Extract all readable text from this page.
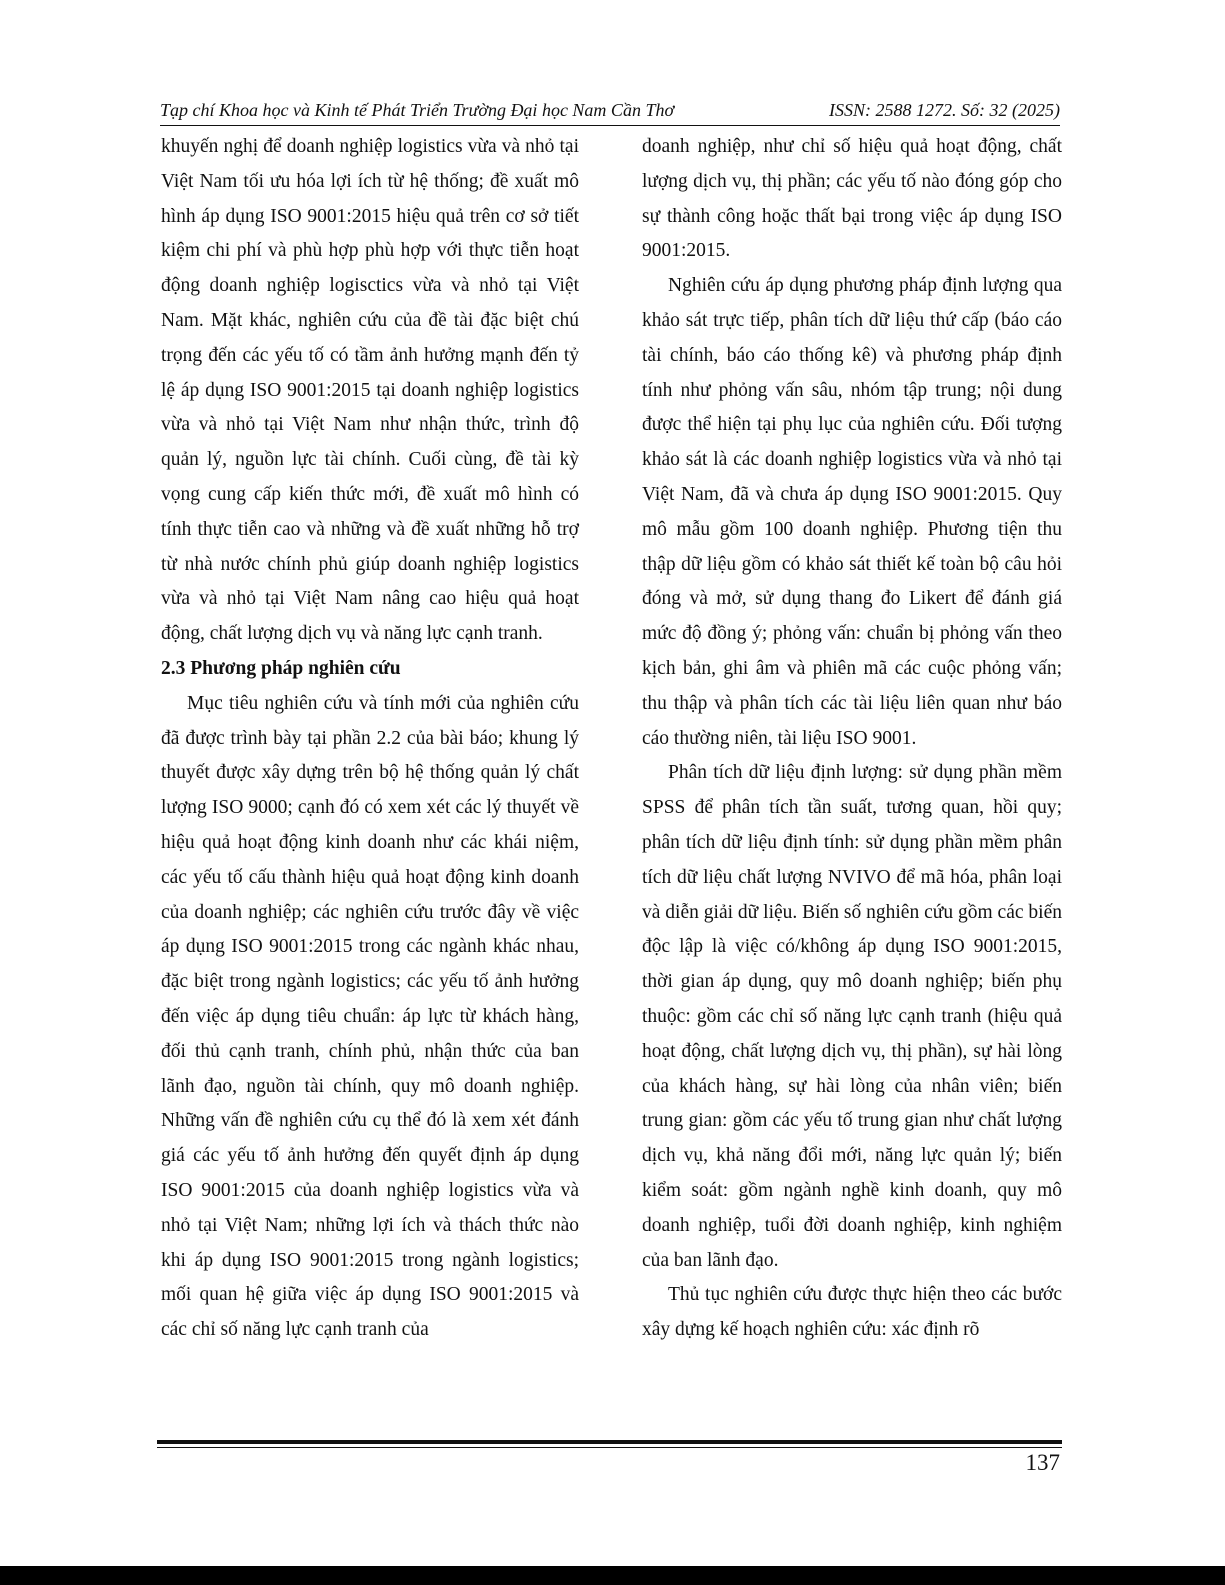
Tạp chí Khoa học và Kinh tế Phát Triển Trường Đại học Nam Cần Thơ	ISSN: 2588 1272. Số: 32 (2025)

khuyến nghị để doanh nghiệp logistics vừa và nhỏ tại Việt Nam tối ưu hóa lợi ích từ hệ thống; đề xuất mô hình áp dụng ISO 9001:2015 hiệu quả trên cơ sở tiết kiệm chi phí và phù hợp phù hợp với thực tiễn hoạt động doanh nghiệp logisctics vừa và nhỏ tại Việt Nam. Mặt khác, nghiên cứu của đề tài đặc biệt chú trọng đến các yếu tố có tầm ảnh hưởng mạnh đến tỷ lệ áp dụng ISO 9001:2015 tại doanh nghiệp logistics vừa và nhỏ tại Việt Nam như nhận thức, trình độ quản lý, nguồn lực tài chính. Cuối cùng, đề tài kỳ vọng cung cấp kiến thức mới, đề xuất mô hình có tính thực tiễn cao và những và đề xuất những hỗ trợ từ nhà nước chính phủ giúp doanh nghiệp logistics vừa và nhỏ tại Việt Nam nâng cao hiệu quả hoạt động, chất lượng dịch vụ và năng lực cạnh tranh.

2.3 Phương pháp nghiên cứu

Mục tiêu nghiên cứu và tính mới của nghiên cứu đã được trình bày tại phần 2.2 của bài báo; khung lý thuyết được xây dựng trên bộ hệ thống quản lý chất lượng ISO 9000; cạnh đó có xem xét các lý thuyết về hiệu quả hoạt động kinh doanh như các khái niệm, các yếu tố cấu thành hiệu quả hoạt động kinh doanh của doanh nghiệp; các nghiên cứu trước đây về việc áp dụng ISO 9001:2015 trong các ngành khác nhau, đặc biệt trong ngành logistics; các yếu tố ảnh hưởng đến việc áp dụng tiêu chuẩn: áp lực từ khách hàng, đối thủ cạnh tranh, chính phủ, nhận thức của ban lãnh đạo, nguồn tài chính, quy mô doanh nghiệp. Những vấn đề nghiên cứu cụ thể đó là xem xét đánh giá các yếu tố ảnh hưởng đến quyết định áp dụng ISO 9001:2015 của doanh nghiệp logistics vừa và nhỏ tại Việt Nam; những lợi ích và thách thức nào khi áp dụng ISO 9001:2015 trong ngành logistics; mối quan hệ giữa việc áp dụng ISO 9001:2015 và các chỉ số năng lực cạnh tranh của

doanh nghiệp, như chỉ số hiệu quả hoạt động, chất lượng dịch vụ, thị phần; các yếu tố nào đóng góp cho sự thành công hoặc thất bại trong việc áp dụng ISO 9001:2015.

Nghiên cứu áp dụng phương pháp định lượng qua khảo sát trực tiếp, phân tích dữ liệu thứ cấp (báo cáo tài chính, báo cáo thống kê) và phương pháp định tính như phỏng vấn sâu, nhóm tập trung; nội dung được thể hiện tại phụ lục của nghiên cứu. Đối tượng khảo sát là các doanh nghiệp logistics vừa và nhỏ tại Việt Nam, đã và chưa áp dụng ISO 9001:2015. Quy mô mẫu gồm 100 doanh nghiệp. Phương tiện thu thập dữ liệu gồm có khảo sát thiết kế toàn bộ câu hỏi đóng và mở, sử dụng thang đo Likert để đánh giá mức độ đồng ý; phỏng vấn: chuẩn bị phỏng vấn theo kịch bản, ghi âm và phiên mã các cuộc phỏng vấn; thu thập và phân tích các tài liệu liên quan như báo cáo thường niên, tài liệu ISO 9001.

Phân tích dữ liệu định lượng: sử dụng phần mềm SPSS để phân tích tần suất, tương quan, hồi quy; phân tích dữ liệu định tính: sử dụng phần mềm phân tích dữ liệu chất lượng NVIVO để mã hóa, phân loại và diễn giải dữ liệu. Biến số nghiên cứu gồm các biến độc lập là việc có/không áp dụng ISO 9001:2015, thời gian áp dụng, quy mô doanh nghiệp; biến phụ thuộc: gồm các chỉ số năng lực cạnh tranh (hiệu quả hoạt động, chất lượng dịch vụ, thị phần), sự hài lòng của khách hàng, sự hài lòng của nhân viên; biến trung gian: gồm các yếu tố trung gian như chất lượng dịch vụ, khả năng đổi mới, năng lực quản lý; biến kiểm soát: gồm ngành nghề kinh doanh, quy mô doanh nghiệp, tuổi đời doanh nghiệp, kinh nghiệm của ban lãnh đạo.

Thủ tục nghiên cứu được thực hiện theo các bước xây dựng kế hoạch nghiên cứu: xác định rõ

137
